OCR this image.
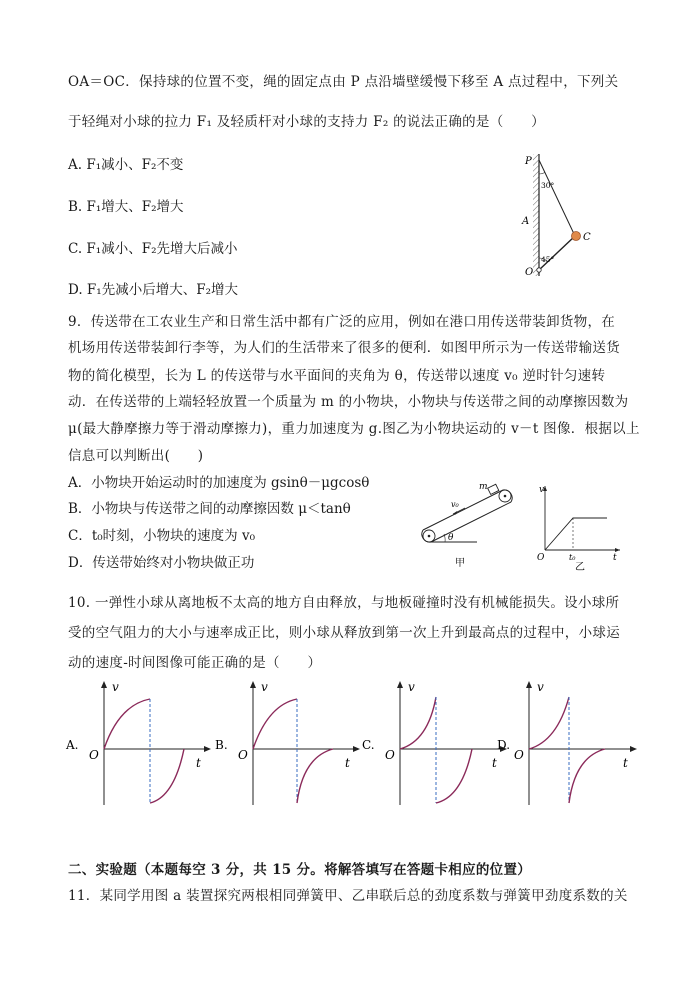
OA＝OC．保持球的位置不变，绳的固定点由 P 点沿墙壁缓慢下移至 A 点过程中，下列关
于轻绳对小球的拉力 F₁ 及轻质杆对小球的支持力 F₂ 的说法正确的是（　　）
A. F₁减小、F₂不变
B. F₁增大、F₂增大
C. F₁减小、F₂先增大后减小
D. F₁先减小后增大、F₂增大
P
30°
A
C
45°
O
9．传送带在工农业生产和日常生活中都有广泛的应用，例如在港口用传送带装卸货物，在
机场用传送带装卸行李等，为人们的生活带来了很多的便利．如图甲所示为一传送带输送货
物的简化模型，长为 L 的传送带与水平面间的夹角为 θ，传送带以速度 v₀ 逆时针匀速转
动．在传送带的上端轻轻放置一个质量为 m 的小物块，小物块与传送带之间的动摩擦因数为
μ(最大静摩擦力等于滑动摩擦力)，重力加速度为 g.图乙为小物块运动的 v－t 图像．根据以上
信息可以判断出(　　)
A．小物块开始运动时的加速度为 gsinθ－μgcosθ
B．小物块与传送带之间的动摩擦因数 μ＜tanθ
C．t₀时刻，小物块的速度为 v₀
D．传送带始终对小物块做正功
m
v₀
θ
甲
v
O	t₀	t
乙
10. 一弹性小球从离地板不太高的地方自由释放，与地板碰撞时没有机械能损失。设小球所
受的空气阻力的大小与速率成正比，则小球从释放到第一次上升到最高点的过程中，小球运
动的速度-时间图像可能正确的是（　　）
A.
v
O
t
B.
v
O
t
C.
v
O
t
D.
v
O
t
二、实验题（本题每空 3 分，共 15 分。将解答填写在答题卡相应的位置）
11．某同学用图 a 装置探究两根相同弹簧甲、乙串联后总的劲度系数与弹簧甲劲度系数的关
